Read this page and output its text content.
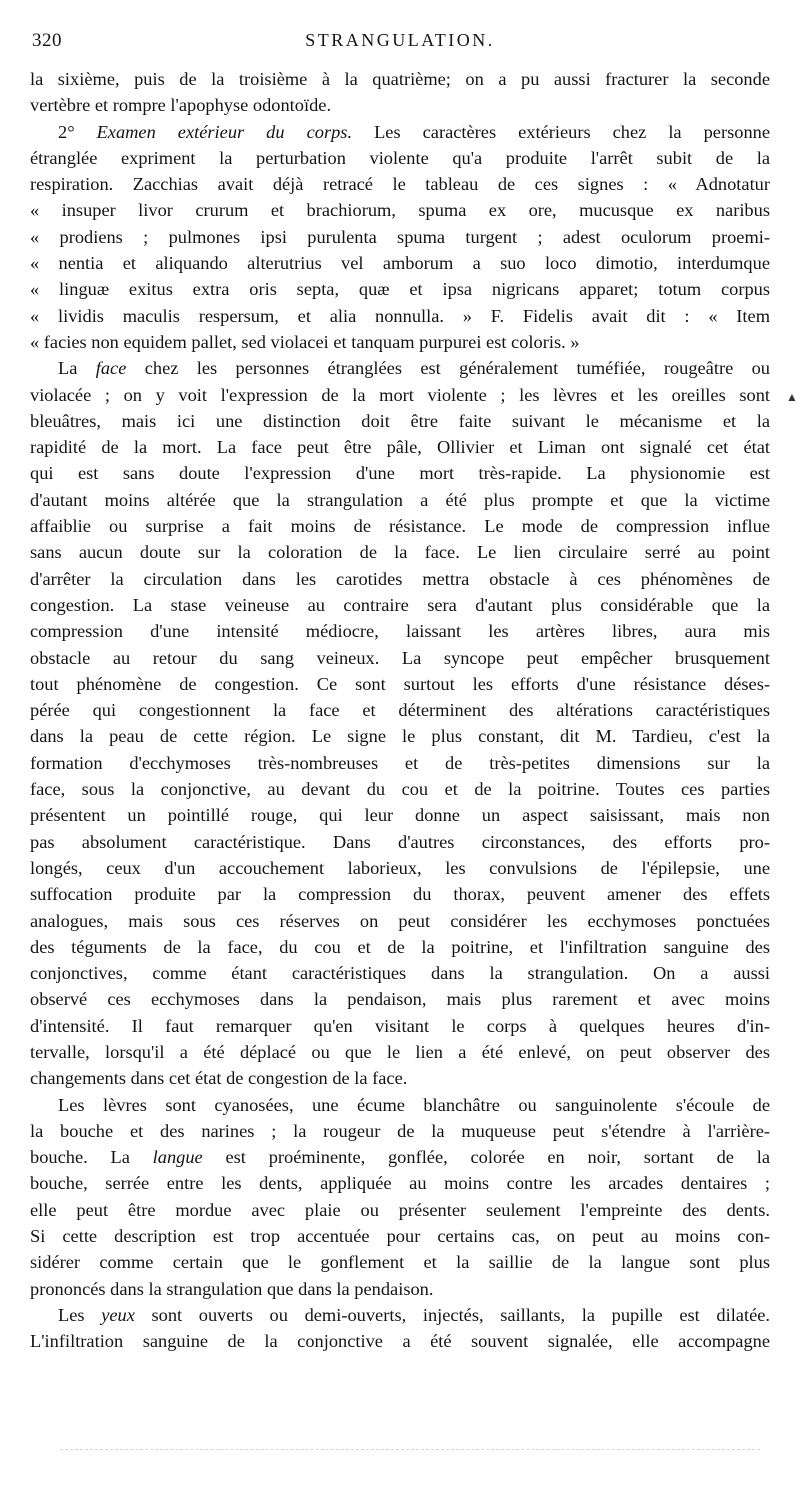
320	STRANGULATION.
la sixième, puis de la troisième à la quatrième; on a pu aussi fracturer la seconde
vertèbre et rompre l'apophyse odontoïde.
2° Examen extérieur du corps. Les caractères extérieurs chez la personne
étranglée expriment la perturbation violente qu'a produite l'arrêt subit de la
respiration. Zacchias avait déjà retracé le tableau de ces signes : « Adnotatur
« insuper livor crurum et brachiorum, spuma ex ore, mucusque ex naribus
« prodiens ; pulmones ipsi purulenta spuma turgent ; adest oculorum proemi-
« nentia et aliquando alterutrius vel amborum a suo loco dimotio, interdumque
« linguæ exitus extra oris septa, quæ et ipsa nigricans apparet; totum corpus
« lividis maculis respersum, et alia nonnulla. » F. Fidelis avait dit : « Item
« facies non equidem pallet, sed violacei et tanquam purpurei est coloris. »
La face chez les personnes étranglées est généralement tuméfiée, rougeâtre ou
violacée ; on y voit l'expression de la mort violente ; les lèvres et les oreilles sont
bleuâtres, mais ici une distinction doit être faite suivant le mécanisme et la
rapidité de la mort. La face peut être pâle, Ollivier et Liman ont signalé cet état
qui est sans doute l'expression d'une mort très-rapide. La physionomie est
d'autant moins altérée que la strangulation a été plus prompte et que la victime
affaiblie ou surprise a fait moins de résistance. Le mode de compression influe
sans aucun doute sur la coloration de la face. Le lien circulaire serré au point
d'arrêter la circulation dans les carotides mettra obstacle à ces phénomènes de
congestion. La stase veineuse au contraire sera d'autant plus considérable que la
compression d'une intensité médiocre, laissant les artères libres, aura mis
obstacle au retour du sang veineux. La syncope peut empêcher brusquement
tout phénomène de congestion. Ce sont surtout les efforts d'une résistance déses-
pérée qui congestionnent la face et déterminent des altérations caractéristiques
dans la peau de cette région. Le signe le plus constant, dit M. Tardieu, c'est la
formation d'ecchymoses très-nombreuses et de très-petites dimensions sur la
face, sous la conjonctive, au devant du cou et de la poitrine. Toutes ces parties
présentent un pointillé rouge, qui leur donne un aspect saisissant, mais non
pas absolument caractéristique. Dans d'autres circonstances, des efforts pro-
longés, ceux d'un accouchement laborieux, les convulsions de l'épilepsie, une
suffocation produite par la compression du thorax, peuvent amener des effets
analogues, mais sous ces réserves on peut considérer les ecchymoses ponctuées
des téguments de la face, du cou et de la poitrine, et l'infiltration sanguine des
conjonctives, comme étant caractéristiques dans la strangulation. On a aussi
observé ces ecchymoses dans la pendaison, mais plus rarement et avec moins
d'intensité. Il faut remarquer qu'en visitant le corps à quelques heures d'in-
tervalle, lorsqu'il a été déplacé ou que le lien a été enlevé, on peut observer des
changements dans cet état de congestion de la face.
Les lèvres sont cyanosées, une écume blanchâtre ou sanguinolente s'écoule de
la bouche et des narines ; la rougeur de la muqueuse peut s'étendre à l'arrière-
bouche. La langue est proéminente, gonflée, colorée en noir, sortant de la
bouche, serrée entre les dents, appliquée au moins contre les arcades dentaires ;
elle peut être mordue avec plaie ou présenter seulement l'empreinte des dents.
Si cette description est trop accentuée pour certains cas, on peut au moins con-
sidérer comme certain que le gonflement et la saillie de la langue sont plus
prononcés dans la strangulation que dans la pendaison.
Les yeux sont ouverts ou demi-ouverts, injectés, saillants, la pupille est dilatée.
L'infiltration sanguine de la conjonctive a été souvent signalée, elle accompagne
▲
